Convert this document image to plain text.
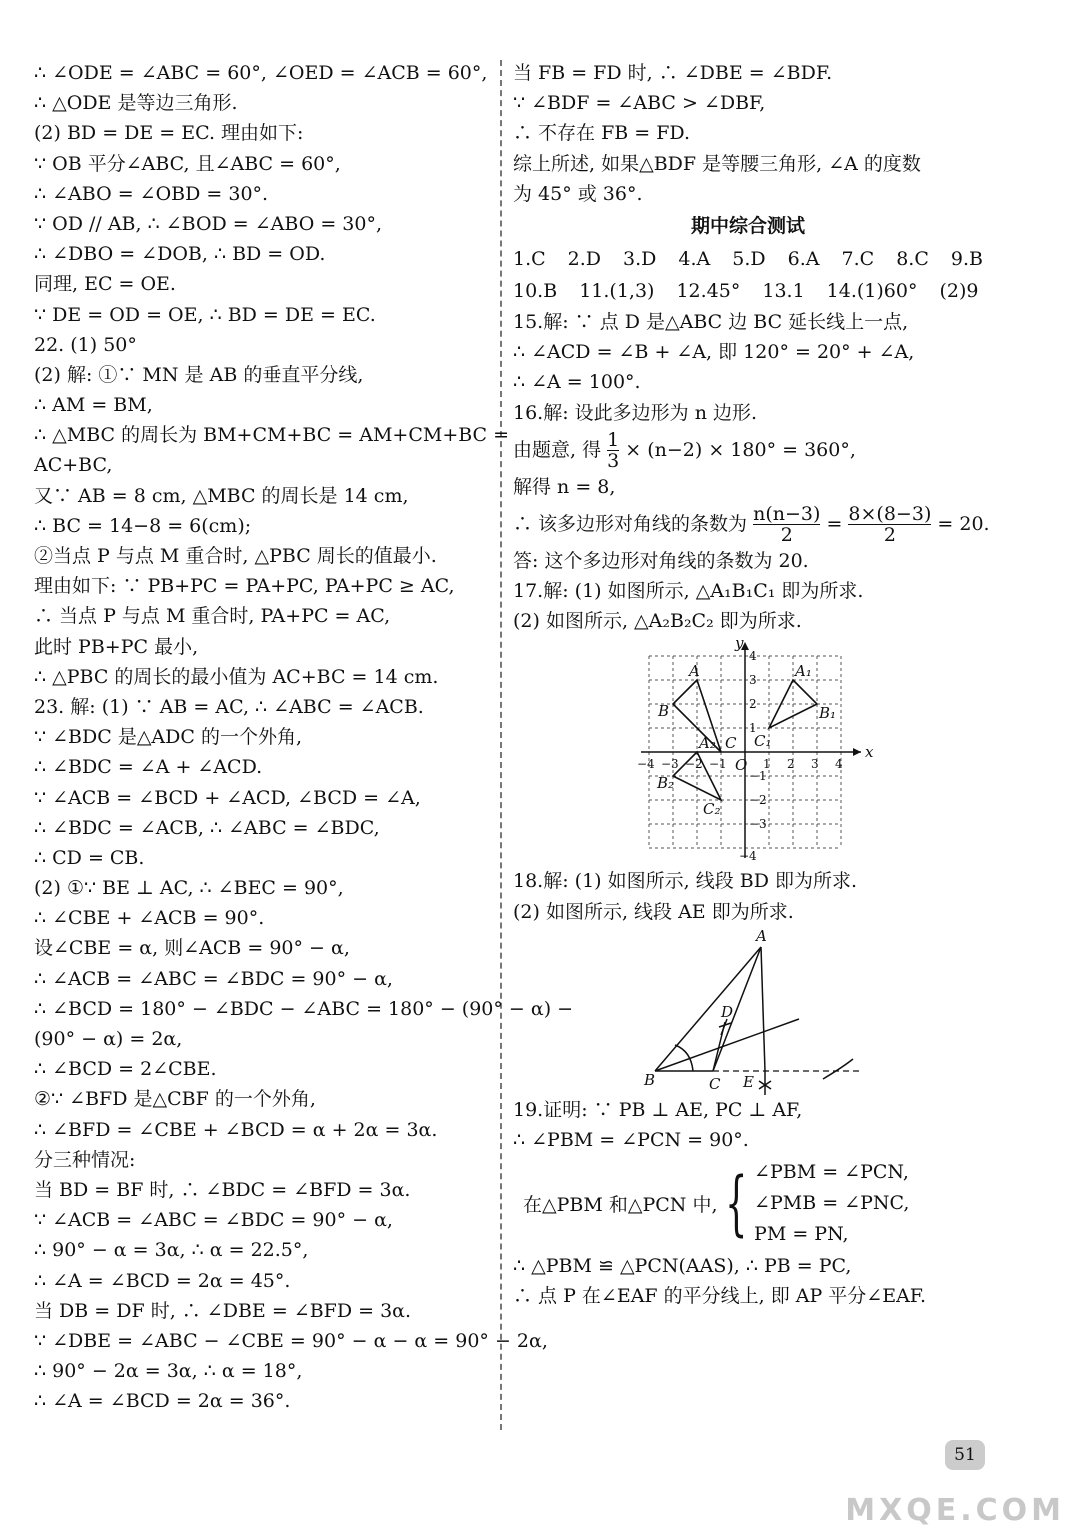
∴ ∠ODE = ∠ABC = 60°, ∠OED = ∠ACB = 60°,
∴ △ODE 是等边三角形.
(2) BD = DE = EC. 理由如下:
∵ OB 平分∠ABC, 且∠ABC = 60°,
∴ ∠ABO = ∠OBD = 30°.
∵ OD // AB, ∴ ∠BOD = ∠ABO = 30°,
∴ ∠DBO = ∠DOB, ∴ BD = OD.
同理, EC = OE.
∵ DE = OD = OE, ∴ BD = DE = EC.
22. (1) 50°
(2) 解: ①∵ MN 是 AB 的垂直平分线,
∴ AM = BM,
∴ △MBC 的周长为 BM+CM+BC = AM+CM+BC =
AC+BC,
又∵ AB = 8 cm, △MBC 的周长是 14 cm,
∴ BC = 14−8 = 6(cm);
②当点 P 与点 M 重合时, △PBC 周长的值最小.
理由如下: ∵ PB+PC = PA+PC, PA+PC ≥ AC,
∴ 当点 P 与点 M 重合时, PA+PC = AC,
此时 PB+PC 最小,
∴ △PBC 的周长的最小值为 AC+BC = 14 cm.
23. 解: (1) ∵ AB = AC, ∴ ∠ABC = ∠ACB.
∵ ∠BDC 是△ADC 的一个外角,
∴ ∠BDC = ∠A + ∠ACD.
∵ ∠ACB = ∠BCD + ∠ACD, ∠BCD = ∠A,
∴ ∠BDC = ∠ACB, ∴ ∠ABC = ∠BDC,
∴ CD = CB.
(2) ①∵ BE ⊥ AC, ∴ ∠BEC = 90°,
∴ ∠CBE + ∠ACB = 90°.
设∠CBE = α, 则∠ACB = 90° − α,
∴ ∠ACB = ∠ABC = ∠BDC = 90° − α,
∴ ∠BCD = 180° − ∠BDC − ∠ABC = 180° − (90° − α) −
(90° − α) = 2α,
∴ ∠BCD = 2∠CBE.
②∵ ∠BFD 是△CBF 的一个外角,
∴ ∠BFD = ∠CBE + ∠BCD = α + 2α = 3α.
分三种情况:
当 BD = BF 时, ∴ ∠BDC = ∠BFD = 3α.
∵ ∠ACB = ∠ABC = ∠BDC = 90° − α,
∴ 90° − α = 3α, ∴ α = 22.5°,
∴ ∠A = ∠BCD = 2α = 45°.
当 DB = DF 时, ∴ ∠DBE = ∠BFD = 3α.
∵ ∠DBE = ∠ABC − ∠CBE = 90° − α − α = 90° − 2α,
∴ 90° − 2α = 3α, ∴ α = 18°,
∴ ∠A = ∠BCD = 2α = 36°.
当 FB = FD 时, ∴ ∠DBE = ∠BDF.
∵ ∠BDF = ∠ABC > ∠DBF,
∴ 不存在 FB = FD.
综上所述, 如果△BDF 是等腰三角形, ∠A 的度数
为 45° 或 36°.
期中综合测试
1.C 2.D 3.D 4.A 5.D 6.A 7.C 8.C 9.B
10.B 11.(1,3) 12.45° 13.1 14.(1)60° (2)9
15.解: ∵ 点 D 是△ABC 边 BC 延长线上一点,
∴ ∠ACD = ∠B + ∠A, 即 120° = 20° + ∠A,
∴ ∠A = 100°.
16.解: 设此多边形为 n 边形.
由题意, 得 $\frac{1}{3} \times (n-2) \times 180^\circ = 360^\circ$,
解得 n = 8,
∴ 该多边形对角线的条数为 $\frac{n(n-3)}{2} = \frac{8\times(8-3)}{2} = 20$.
答: 这个多边形对角线的条数为 20.
17.解: (1) 如图所示, △A₁B₁C₁ 即为所求.
(2) 如图所示, △A₂B₂C₂ 即为所求.
x
y
O
A
B
C
A₁
B₁
C₁
A₂
B₂
C₂
−4 −3 −2 −1	1 2 3 4
4
3
2
1
−1
−2
−3
−4
18.解: (1) 如图所示, 线段 BD 即为所求.
(2) 如图所示, 线段 AE 即为所求.
A
B	C
D
E
19.证明: ∵ PB ⊥ AE, PC ⊥ AF,
∴ ∠PBM = ∠PCN = 90°.
在△PBM 和△PCN 中, { ∠PBM = ∠PCN,
∠PMB = ∠PNC,
PM = PN,
∴ △PBM ≌ △PCN(AAS), ∴ PB = PC,
∴ 点 P 在∠EAF 的平分线上, 即 AP 平分∠EAF.
51
MXQE.COM
